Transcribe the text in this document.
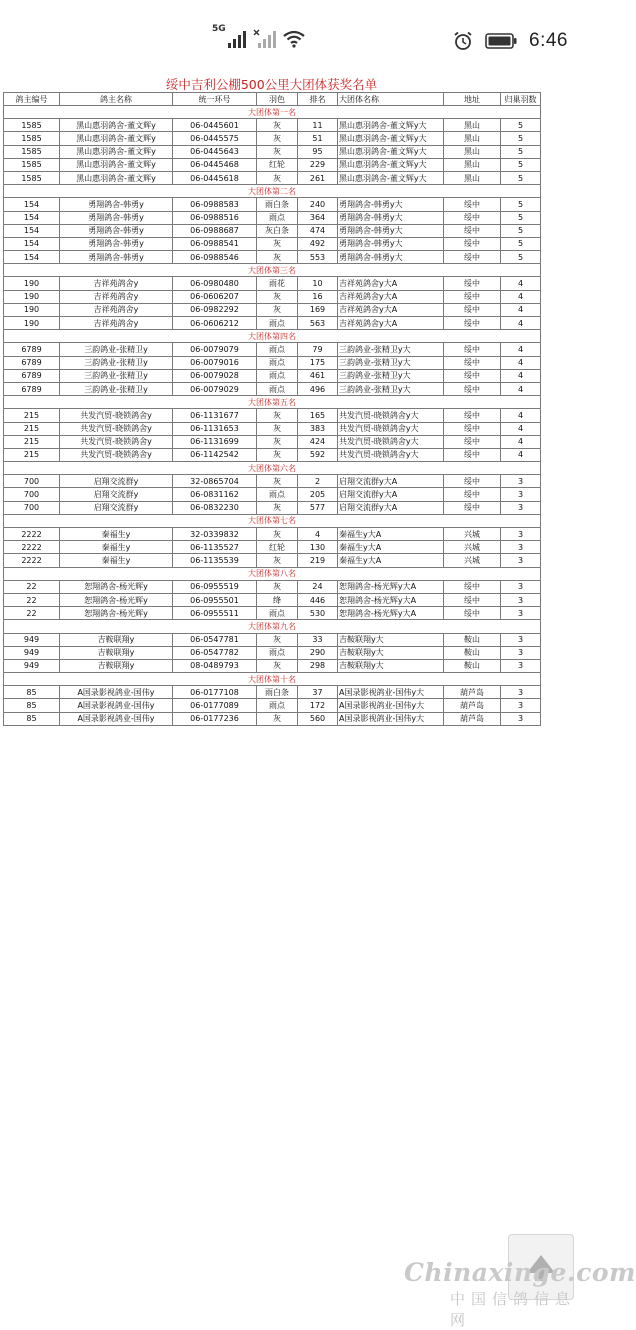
5G
6:46
绥中吉利公棚500公里大团体获奖名单
鸽主编号	鸽主名称	统一环号	羽色	排名	大团体名称	地址	归巢羽数
大团体第一名							
1585	黑山惠羽鸽舍-董文辉y	06-0445601	灰	11	黑山惠羽鸽舍-董文辉y大	黑山	5
1585	黑山惠羽鸽舍-董文辉y	06-0445575	灰	51	黑山惠羽鸽舍-董文辉y大	黑山	5
1585	黑山惠羽鸽舍-董文辉y	06-0445643	灰	95	黑山惠羽鸽舍-董文辉y大	黑山	5
1585	黑山惠羽鸽舍-董文辉y	06-0445468	红轮	229	黑山惠羽鸽舍-董文辉y大	黑山	5
1585	黑山惠羽鸽舍-董文辉y	06-0445618	灰	261	黑山惠羽鸽舍-董文辉y大	黑山	5
大团体第二名							
154	勇翔鸽舍-韩勇y	06-0988583	雨白条	240	勇翔鸽舍-韩勇y大	绥中	5
154	勇翔鸽舍-韩勇y	06-0988516	雨点	364	勇翔鸽舍-韩勇y大	绥中	5
154	勇翔鸽舍-韩勇y	06-0988687	灰白条	474	勇翔鸽舍-韩勇y大	绥中	5
154	勇翔鸽舍-韩勇y	06-0988541	灰	492	勇翔鸽舍-韩勇y大	绥中	5
154	勇翔鸽舍-韩勇y	06-0988546	灰	553	勇翔鸽舍-韩勇y大	绥中	5
大团体第三名							
190	吉祥苑鸽舍y	06-0980480	雨花	10	吉祥苑鸽舍y大A	绥中	4
190	吉祥苑鸽舍y	06-0606207	灰	16	吉祥苑鸽舍y大A	绥中	4
190	吉祥苑鸽舍y	06-0982292	灰	169	吉祥苑鸽舍y大A	绥中	4
190	吉祥苑鸽舍y	06-0606212	雨点	563	吉祥苑鸽舍y大A	绥中	4
大团体第四名							
6789	三韵鸽业-张精卫y	06-0079079	雨点	79	三韵鸽业-张精卫y大	绥中	4
6789	三韵鸽业-张精卫y	06-0079016	雨点	175	三韵鸽业-张精卫y大	绥中	4
6789	三韵鸽业-张精卫y	06-0079028	雨点	461	三韵鸽业-张精卫y大	绥中	4
6789	三韵鸽业-张精卫y	06-0079029	雨点	496	三韵鸽业-张精卫y大	绥中	4
大团体第五名							
215	共发汽贸-晓锁鸽舍y	06-1131677	灰	165	共发汽贸-晓锁鸽舍y大	绥中	4
215	共发汽贸-晓锁鸽舍y	06-1131653	灰	383	共发汽贸-晓锁鸽舍y大	绥中	4
215	共发汽贸-晓锁鸽舍y	06-1131699	灰	424	共发汽贸-晓锁鸽舍y大	绥中	4
215	共发汽贸-晓锁鸽舍y	06-1142542	灰	592	共发汽贸-晓锁鸽舍y大	绥中	4
大团体第六名							
700	启翔交流群y	32-0865704	灰	2	启翔交流群y大A	绥中	3
700	启翔交流群y	06-0831162	雨点	205	启翔交流群y大A	绥中	3
700	启翔交流群y	06-0832230	灰	577	启翔交流群y大A	绥中	3
大团体第七名							
2222	秦福生y	32-0339832	灰	4	秦福生y大A	兴城	3
2222	秦福生y	06-1135527	红轮	130	秦福生y大A	兴城	3
2222	秦福生y	06-1135539	灰	219	秦福生y大A	兴城	3
大团体第八名							
22	恕翔鸽舍-杨光辉y	06-0955519	灰	24	恕翔鸽舍-杨光辉y大A	绥中	3
22	恕翔鸽舍-杨光辉y	06-0955501	绛	446	恕翔鸽舍-杨光辉y大A	绥中	3
22	恕翔鸽舍-杨光辉y	06-0955511	雨点	530	恕翔鸽舍-杨光辉y大A	绥中	3
大团体第九名							
949	吉鞍联翔y	06-0547781	灰	33	吉鞍联翔y大	鞍山	3
949	吉鞍联翔y	06-0547782	雨点	290	吉鞍联翔y大	鞍山	3
949	吉鞍联翔y	08-0489793	灰	298	吉鞍联翔y大	鞍山	3
大团体第十名							
85	A国录影视鸽业-国伟y	06-0177108	雨白条	37	A国录影视鸽业-国伟y大	葫芦岛	3
85	A国录影视鸽业-国伟y	06-0177089	雨点	172	A国录影视鸽业-国伟y大	葫芦岛	3
85	A国录影视鸽业-国伟y	06-0177236	灰	560	A国录影视鸽业-国伟y大	葫芦岛	3
Chinaxinge.com
中国信鸽信息网
